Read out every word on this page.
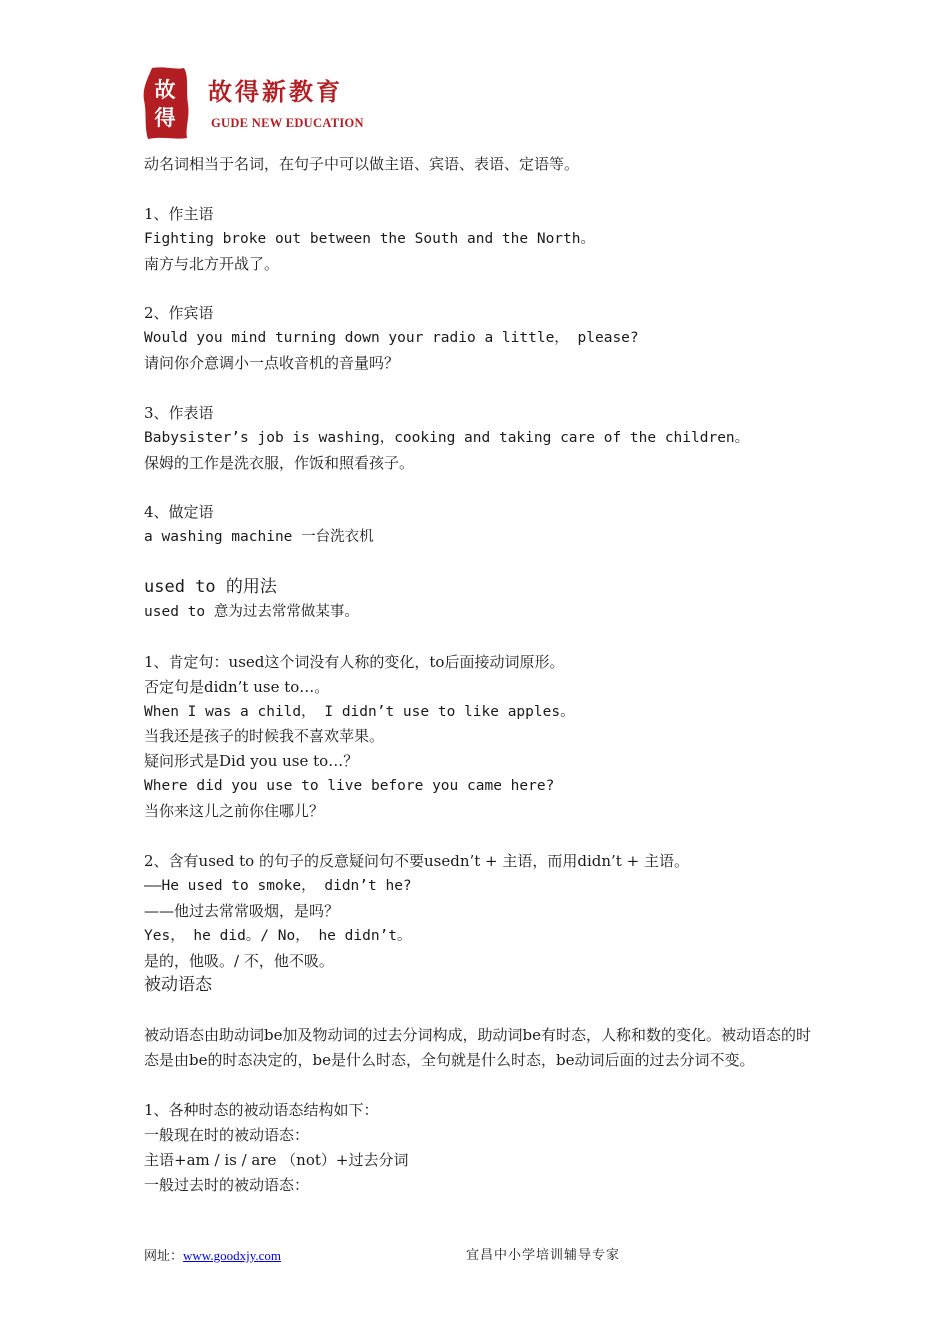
故
得
故得新教育
GUDE NEW EDUCATION
动名词相当于名词，在句子中可以做主语、宾语、表语、定语等。
1、作主语
Fighting broke out between the South and the North。
南方与北方开战了。
2、作宾语
Would you mind turning down your radio a little， please?
请问你介意调小一点收音机的音量吗？
3、作表语
Babysister’s job is washing，cooking and taking care of the children。
保姆的工作是洗衣服，作饭和照看孩子。
4、做定语
a washing machine 一台洗衣机
used to 的用法
used to 意为过去常常做某事。
1、肯定句：used这个词没有人称的变化，to后面接动词原形。
否定句是didn’t use to…。
When I was a child， I didn’t use to like apples。
当我还是孩子的时候我不喜欢苹果。
疑问形式是Did you use to…？
Where did you use to live before you came here?
当你来这儿之前你住哪儿？
2、含有used to 的句子的反意疑问句不要usedn’t + 主语，而用didn’t + 主语。
——He used to smoke， didn’t he?
——他过去常常吸烟，是吗？
Yes， he did。/ No， he didn’t。
是的，他吸。/ 不，他不吸。
被动语态
被动语态由助动词be加及物动词的过去分词构成，助动词be有时态，人称和数的变化。被动语态的时态是由be的时态决定的，be是什么时态，全句就是什么时态，be动词后面的过去分词不变。
1、各种时态的被动语态结构如下：
一般现在时的被动语态：
主语+am / is / are （not）+过去分词
一般过去时的被动语态：
网址：www.goodxjy.com	宜昌中小学培训辅导专家
